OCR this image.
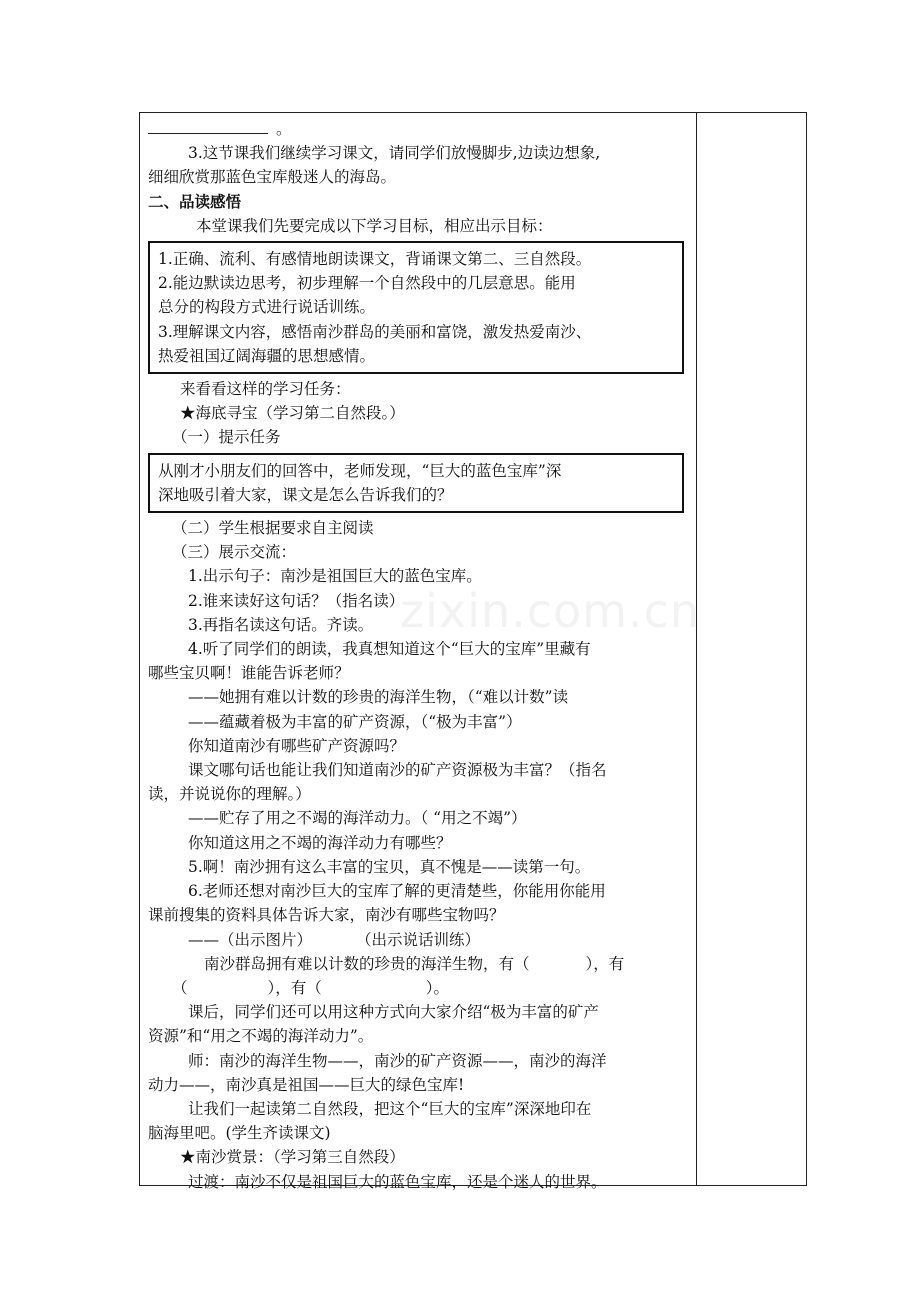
。

3.这节课我们继续学习课文，请同学们放慢脚步,边读边想象,

细细欣赏那蓝色宝库般迷人的海岛。

二、品读感悟

本堂课我们先要完成以下学习目标，相应出示目标：

1.正确、流利、有感情地朗读课文，背诵课文第二、三自然段。

2.能边默读边思考，初步理解一个自然段中的几层意思。能用

总分的构段方式进行说话训练。

3.理解课文内容，感悟南沙群岛的美丽和富饶，激发热爱南沙、

热爱祖国辽阔海疆的思想感情。

来看看这样的学习任务：

★海底寻宝（学习第二自然段。）

（一）提示任务

从刚才小朋友们的回答中，老师发现，“巨大的蓝色宝库”深

深地吸引着大家，课文是怎么告诉我们的？

（二）学生根据要求自主阅读

（三）展示交流：

1.出示句子：南沙是祖国巨大的蓝色宝库。

2.谁来读好这句话？（指名读）

3.再指名读这句话。齐读。

4.听了同学们的朗读，我真想知道这个“巨大的宝库”里藏有

哪些宝贝啊！谁能告诉老师？

——她拥有难以计数的珍贵的海洋生物，（“难以计数”读

——蕴藏着极为丰富的矿产资源，（“极为丰富”）

你知道南沙有哪些矿产资源吗？

课文哪句话也能让我们知道南沙的矿产资源极为丰富？（指名

读，并说说你的理解。）

——贮存了用之不竭的海洋动力。（ “用之不竭”）

你知道这用之不竭的海洋动力有哪些？

5.啊！南沙拥有这么丰富的宝贝，真不愧是——读第一句。

6.老师还想对南沙巨大的宝库了解的更清楚些，你能用你能用

课前搜集的资料具体告诉大家，南沙有哪些宝物吗？

——（出示图片）	（出示说话训练）

南沙群岛拥有难以计数的珍贵的海洋生物，有（	），有

（	），有（	）。

课后，同学们还可以用这种方式向大家介绍“极为丰富的矿产

资源”和“用之不竭的海洋动力”。

师：南沙的海洋生物——，南沙的矿产资源——，南沙的海洋

动力——，南沙真是祖国——巨大的绿色宝库!

让我们一起读第二自然段，把这个“巨大的宝库”深深地印在

脑海里吧。(学生齐读课文)

★南沙赏景：（学习第三自然段）

过渡：南沙不仅是祖国巨大的蓝色宝库，还是个迷人的世界。

zixin.com.cn
